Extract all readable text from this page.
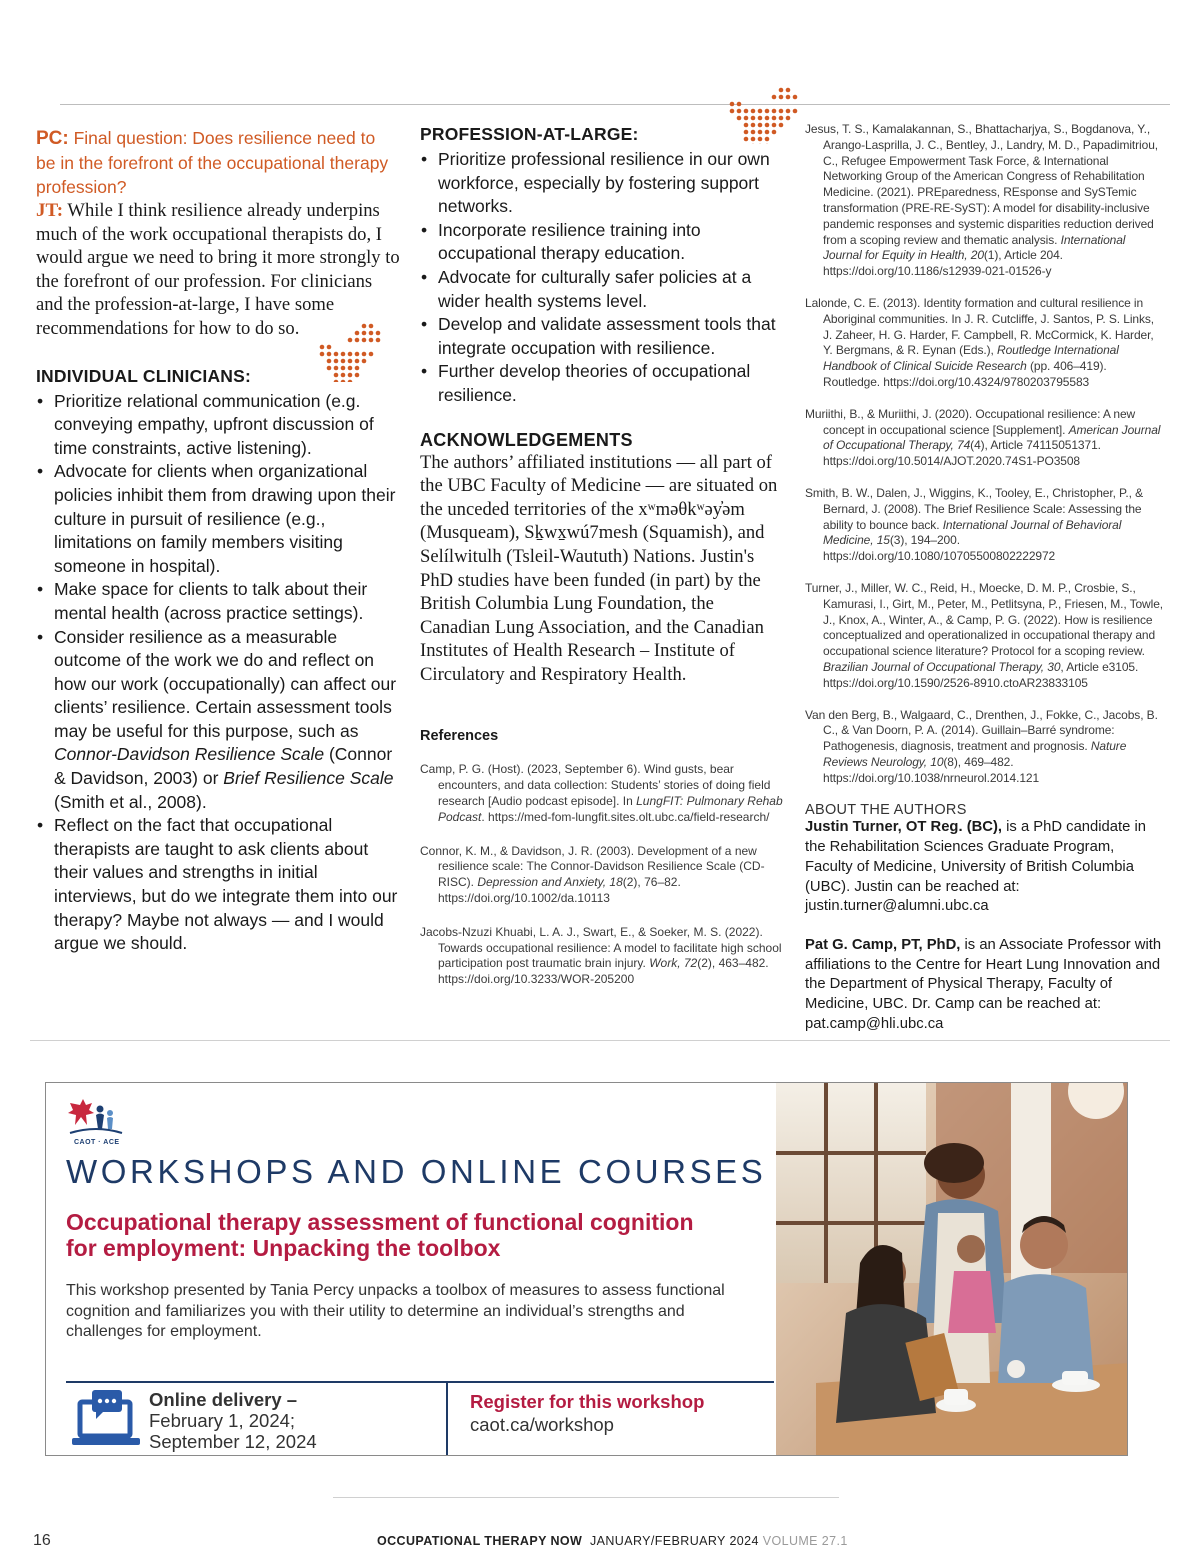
PC: Final question: Does resilience need to
be in the forefront of the occupational therapy
profession?

JT: While I think resilience already underpins much of the work occupational therapists do, I would argue we need to bring it more strongly to the forefront of our profession. For clinicians and the profession-at-large, I have some recommendations for how to do so.

INDIVIDUAL CLINICIANS:
• Prioritize relational communication (e.g. conveying empathy, upfront discussion of time constraints, active listening).
• Advocate for clients when organizational policies inhibit them from drawing upon their culture in pursuit of resilience (e.g., limitations on family members visiting someone in hospital).
• Make space for clients to talk about their mental health (across practice settings).
• Consider resilience as a measurable outcome of the work we do and reflect on how our work (occupationally) can affect our clients’ resilience. Certain assessment tools may be useful for this purpose, such as Connor-Davidson Resilience Scale (Connor & Davidson, 2003) or Brief Resilience Scale (Smith et al., 2008).
• Reflect on the fact that occupational therapists are taught to ask clients about their values and strengths in initial interviews, but do we integrate them into our therapy? Maybe not always — and I would argue we should.
PROFESSION-AT-LARGE:
• Prioritize professional resilience in our own workforce, especially by fostering support networks.
• Incorporate resilience training into occupational therapy education.
• Advocate for culturally safer policies at a wider health systems level.
• Develop and validate assessment tools that integrate occupation with resilience.
• Further develop theories of occupational resilience.
ACKNOWLEDGEMENTS

The authors’ affiliated institutions — all part of the UBC Faculty of Medicine — are situated on the unceded territories of the xʷməθkʷəy̓əm (Musqueam), Sḵwx̱wú7mesh (Squamish), and Selílwitulh (Tsleil-Waututh) Nations. Justin's PhD studies have been funded (in part) by the British Columbia Lung Foundation, the Canadian Lung Association, and the Canadian Institutes of Health Research – Institute of Circulatory and Respiratory Health.

References
Camp, P. G. (Host). (2023, September 6). Wind gusts, bear encounters, and data collection: Students’ stories of doing field research [Audio podcast episode]. In LungFIT: Pulmonary Rehab Podcast. https://med-fom-lungfit.sites.olt.ubc.ca/field-research/
Connor, K. M., & Davidson, J. R. (2003). Development of a new resilience scale: The Connor-Davidson Resilience Scale (CD-RISC). Depression and Anxiety, 18(2), 76–82. https://doi.org/10.1002/da.10113
Jacobs-Nzuzi Khuabi, L. A. J., Swart, E., & Soeker, M. S. (2022). Towards occupational resilience: A model to facilitate high school participation post traumatic brain injury. Work, 72(2), 463–482. https://doi.org/10.3233/WOR-205200
Jesus, T. S., Kamalakannan, S., Bhattacharjya, S., Bogdanova, Y., Arango-Lasprilla, J. C., Bentley, J., Landry, M. D., Papadimitriou, C., Refugee Empowerment Task Force, & International Networking Group of the American Congress of Rehabilitation Medicine. (2021). PREparedness, REsponse and SySTemic transformation (PRE-RE-SyST): A model for disability-inclusive pandemic responses and systemic disparities reduction derived from a scoping review and thematic analysis. International Journal for Equity in Health, 20(1), Article 204. https://doi.org/10.1186/s12939-021-01526-y
Lalonde, C. E. (2013). Identity formation and cultural resilience in Aboriginal communities. In J. R. Cutcliffe, J. Santos, P. S. Links, J. Zaheer, H. G. Harder, F. Campbell, R. McCormick, K. Harder, Y. Bergmans, & R. Eynan (Eds.), Routledge International Handbook of Clinical Suicide Research (pp. 406–419). Routledge. https://doi.org/10.4324/9780203795583
Muriithi, B., & Muriithi, J. (2020). Occupational resilience: A new concept in occupational science [Supplement]. American Journal of Occupational Therapy, 74(4), Article 74115051371. https://doi.org/10.5014/AJOT.2020.74S1-PO3508
Smith, B. W., Dalen, J., Wiggins, K., Tooley, E., Christopher, P., & Bernard, J. (2008). The Brief Resilience Scale: Assessing the ability to bounce back. International Journal of Behavioral Medicine, 15(3), 194–200. https://doi.org/10.1080/10705500802222972
Turner, J., Miller, W. C., Reid, H., Moecke, D. M. P., Crosbie, S., Kamurasi, I., Girt, M., Peter, M., Petlitsyna, P., Friesen, M., Towle, J., Knox, A., Winter, A., & Camp, P. G. (2022). How is resilience conceptualized and operationalized in occupational therapy and occupational science literature? Protocol for a scoping review. Brazilian Journal of Occupational Therapy, 30, Article e3105. https://doi.org/10.1590/2526-8910.ctoAR23833105
Van den Berg, B., Walgaard, C., Drenthen, J., Fokke, C., Jacobs, B. C., & Van Doorn, P. A. (2014). Guillain–Barré syndrome: Pathogenesis, diagnosis, treatment and prognosis. Nature Reviews Neurology, 10(8), 469–482. https://doi.org/10.1038/nrneurol.2014.121
ABOUT THE AUTHORS

Justin Turner, OT Reg. (BC), is a PhD candidate in the Rehabilitation Sciences Graduate Program, Faculty of Medicine, University of British Columbia (UBC). Justin can be reached at: justin.turner@alumni.ubc.ca

Pat G. Camp, PT, PhD, is an Associate Professor with affiliations to the Centre for Heart Lung Innovation and the Department of Physical Therapy, Faculty of Medicine, UBC. Dr. Camp can be reached at: pat.camp@hli.ubc.ca

CAOT · ACE
WORKSHOPS AND ONLINE COURSES
Occupational therapy assessment of functional cognition
for employment: Unpacking the toolbox
This workshop presented by Tania Percy unpacks a toolbox of measures to assess functional cognition and familiarizes you with their utility to determine an individual’s strengths and challenges for employment.
Online delivery –
February 1, 2024;
September 12, 2024
Register for this workshop
caot.ca/workshop
16	OCCUPATIONAL THERAPY NOW JANUARY/FEBRUARY 2024 VOLUME 27.1
